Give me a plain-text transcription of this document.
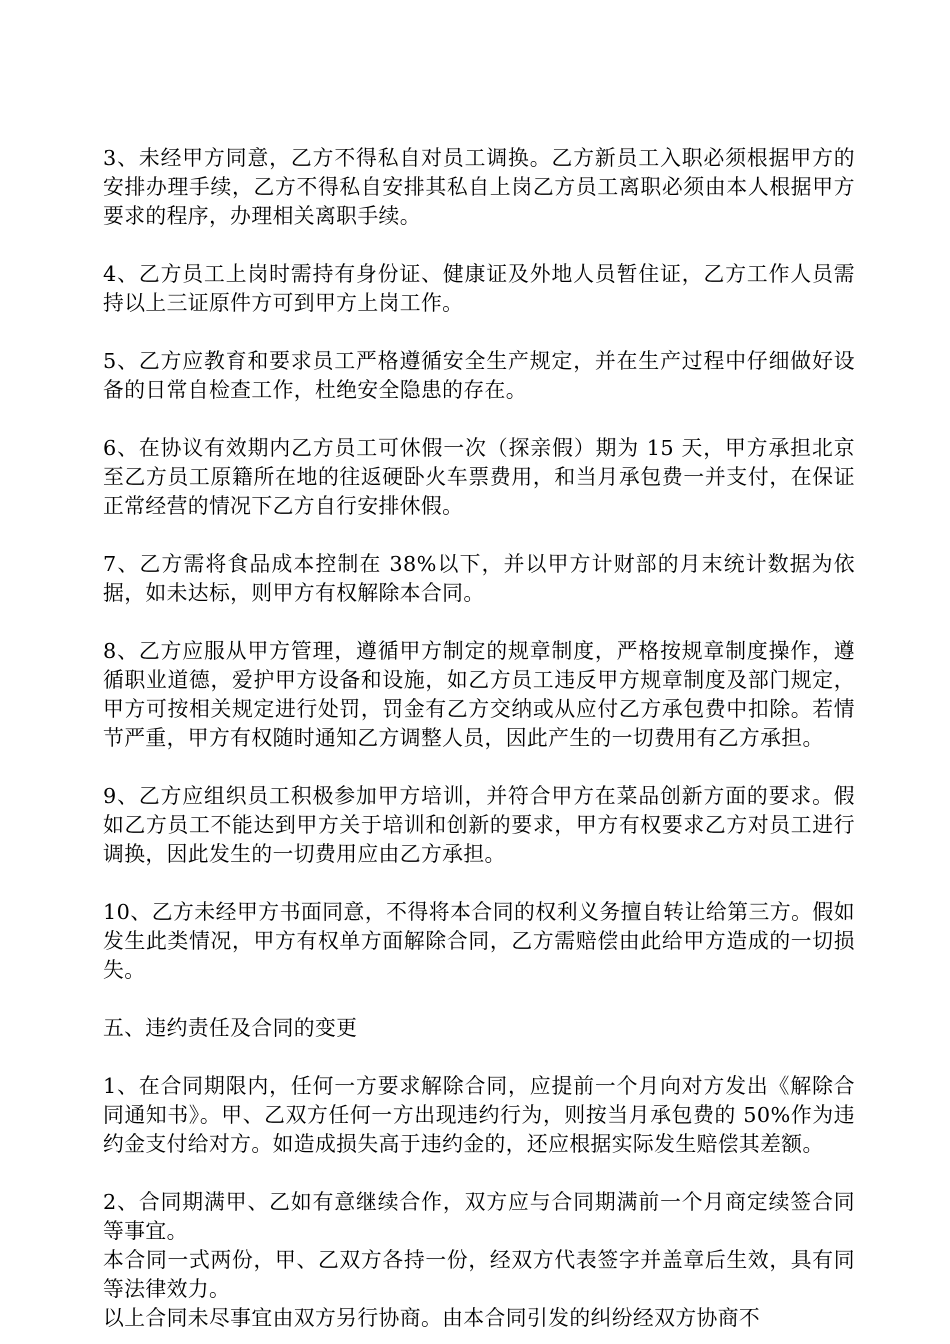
3、未经甲方同意，乙方不得私自对员工调换。乙方新员工入职必须根据甲方的安排办理手续，乙方不得私自安排其私自上岗乙方员工离职必须由本人根据甲方要求的程序，办理相关离职手续。

4、乙方员工上岗时需持有身份证、健康证及外地人员暂住证，乙方工作人员需持以上三证原件方可到甲方上岗工作。

5、乙方应教育和要求员工严格遵循安全生产规定，并在生产过程中仔细做好设备的日常自检查工作，杜绝安全隐患的存在。

6、在协议有效期内乙方员工可休假一次（探亲假）期为 15 天，甲方承担北京至乙方员工原籍所在地的往返硬卧火车票费用，和当月承包费一并支付，在保证正常经营的情况下乙方自行安排休假。

7、乙方需将食品成本控制在 38%以下，并以甲方计财部的月末统计数据为依据，如未达标，则甲方有权解除本合同。

8、乙方应服从甲方管理，遵循甲方制定的规章制度，严格按规章制度操作，遵循职业道德，爱护甲方设备和设施，如乙方员工违反甲方规章制度及部门规定，甲方可按相关规定进行处罚，罚金有乙方交纳或从应付乙方承包费中扣除。若情节严重，甲方有权随时通知乙方调整人员，因此产生的一切费用有乙方承担。

9、乙方应组织员工积极参加甲方培训，并符合甲方在菜品创新方面的要求。假如乙方员工不能达到甲方关于培训和创新的要求，甲方有权要求乙方对员工进行调换，因此发生的一切费用应由乙方承担。

10、乙方未经甲方书面同意，不得将本合同的权利义务擅自转让给第三方。假如发生此类情况，甲方有权单方面解除合同，乙方需赔偿由此给甲方造成的一切损失。

五、违约责任及合同的变更

1、在合同期限内，任何一方要求解除合同，应提前一个月向对方发出《解除合同通知书》。甲、乙双方任何一方出现违约行为，则按当月承包费的 50%作为违约金支付给对方。如造成损失高于违约金的，还应根据实际发生赔偿其差额。

2、合同期满甲、乙如有意继续合作，双方应与合同期满前一个月商定续签合同等事宜。

本合同一式两份，甲、乙双方各持一份，经双方代表签字并盖章后生效，具有同等法律效力。

以上合同未尽事宜由双方另行协商。由本合同引发的纠纷经双方协商不
